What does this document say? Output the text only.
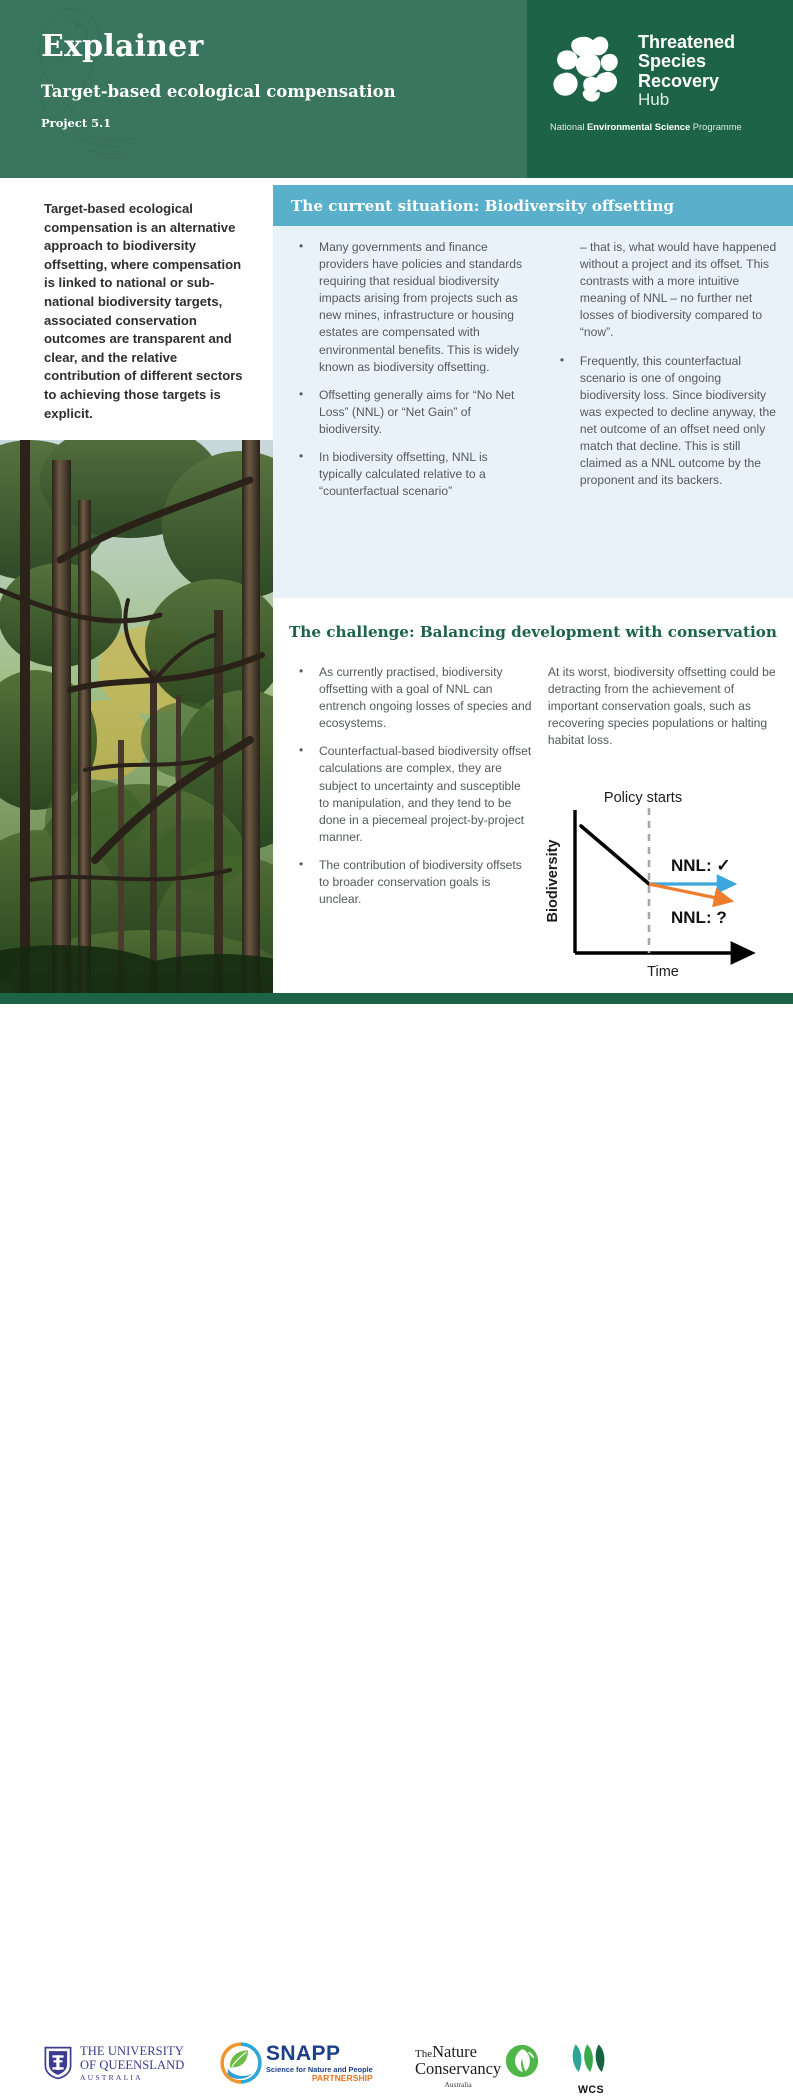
Explainer
Target-based ecological compensation
Project 5.1
Threatened
Species
Recovery
Hub
National Environmental Science Programme

Target-based ecological compensation is an alternative approach to biodiversity offsetting, where compensation is linked to national or sub-national biodiversity targets, associated conservation outcomes are transparent and clear, and the relative contribution of different sectors to achieving those targets is explicit.

The current situation: Biodiversity offsetting
• Many governments and finance providers have policies and standards requiring that residual biodiversity impacts arising from projects such as new mines, infrastructure or housing estates are compensated with environmental benefits. This is widely known as biodiversity offsetting.
• Offsetting generally aims for “No Net Loss” (NNL) or “Net Gain” of biodiversity.
• In biodiversity offsetting, NNL is typically calculated relative to a “counterfactual scenario”
– that is, what would have happened without a project and its offset. This contrasts with a more intuitive meaning of NNL – no further net losses of biodiversity compared to “now”.
• Frequently, this counterfactual scenario is one of ongoing biodiversity loss. Since biodiversity was expected to decline anyway, the net outcome of an offset need only match that decline. This is still claimed as a NNL outcome by the proponent and its backers.
The challenge: Balancing development with conservation
• As currently practised, biodiversity offsetting with a goal of NNL can entrench ongoing losses of species and ecosystems.
• Counterfactual-based biodiversity offset calculations are complex, they are subject to uncertainty and susceptible to manipulation, and they tend to be done in a piecemeal project-by-project manner.
• The contribution of biodiversity offsets to broader conservation goals is unclear.

At its worst, biodiversity offsetting could be detracting from the achievement of important conservation goals, such as recovering species populations or halting habitat loss.

Policy starts
NNL: ✓
NNL: ?
Biodiversity
Time
THE UNIVERSITY
OF QUEENSLAND
AUSTRALIA
SNAPP
Science for Nature and People
PARTNERSHIP
TheNature
Conservancy
Australia	WCS
